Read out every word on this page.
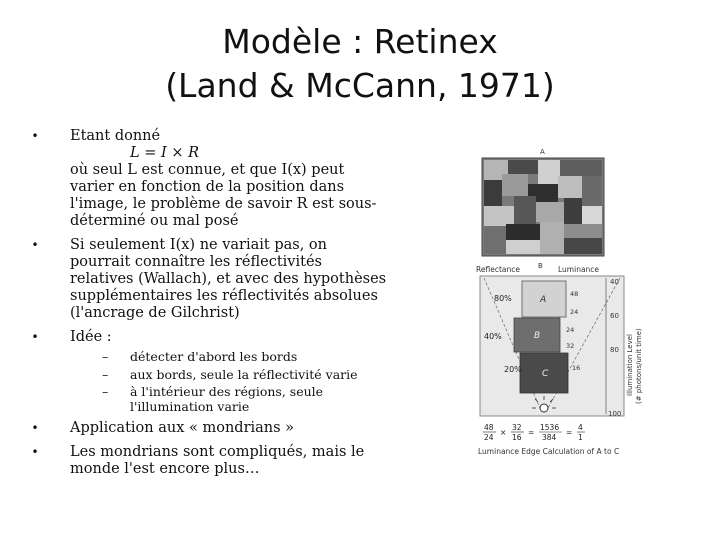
Modèle : Retinex
(Land & McCann, 1971)
• Etant donné
L = I × R
où seul L est connue, et que I(x) peut varier en fonction de la position dans l'image, le problème de savoir R est sous-déterminé ou mal posé
• Si seulement I(x) ne variait pas, on pourrait connaître les réflectivités relatives (Wallach), et avec des hypothèses supplémentaires les réflectivités absolues (l'ancrage de Gilchrist)
• Idée :
– détecter d'abord les bords
– aux bords, seule la réflectivité varie
– à l'intérieur des régions, seule l'illumination varie
• Application aux « mondrians »
• Les mondrians sont compliqués, mais le monde l'est encore plus…
A
Reflectance	B Luminance
A
B
C
80%
40%
20%
48
24
24
32
16
40
60
80
100
Illumination Level (# photons/unit time)
48
24
×
32
16
=
1536
384
=
4
1
Luminance Edge Calculation of A to C
